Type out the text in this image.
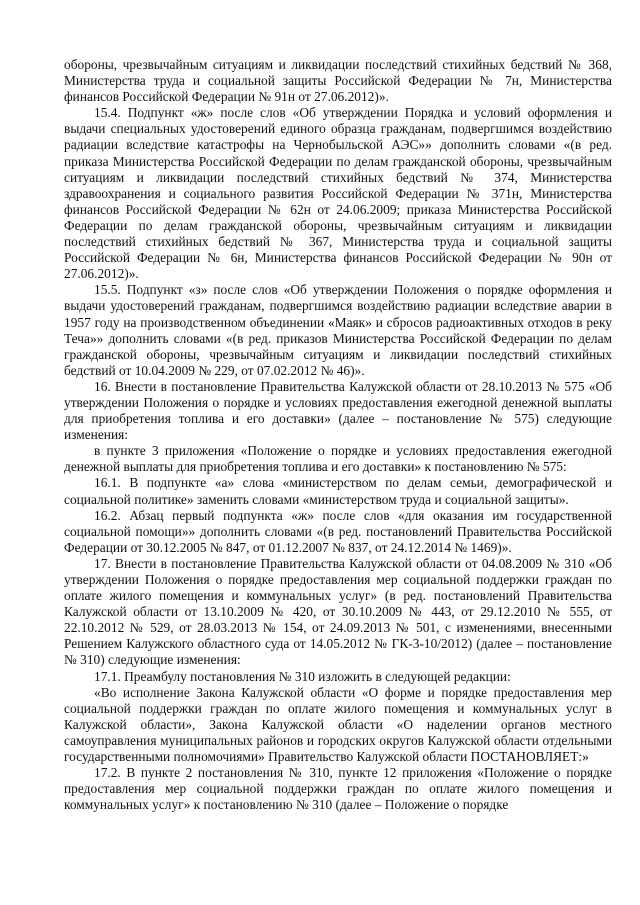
обороны, чрезвычайным ситуациям и ликвидации последствий стихийных бедствий № 368, Министерства труда и социальной защиты Российской Федерации № 7н, Министерства финансов Российской Федерации № 91н от 27.06.2012)».

15.4. Подпункт «ж» после слов «Об утверждении Порядка и условий оформления и выдачи специальных удостоверений единого образца гражданам, подвергшимся воздействию радиации вследствие катастрофы на Чернобыльской АЭС»» дополнить словами «(в ред. приказа Министерства Российской Федерации по делам гражданской обороны, чрезвычайным ситуациям и ликвидации последствий стихийных бедствий № 374, Министерства здравоохранения и социального развития Российской Федерации № 371н, Министерства финансов Российской Федерации № 62н от 24.06.2009; приказа Министерства Российской Федерации по делам гражданской обороны, чрезвычайным ситуациям и ликвидации последствий стихийных бедствий № 367, Министерства труда и социальной защиты Российской Федерации № 6н, Министерства финансов Российской Федерации № 90н от 27.06.2012)».

15.5. Подпункт «з» после слов «Об утверждении Положения о порядке оформления и выдачи удостоверений гражданам, подвергшимся воздействию радиации вследствие аварии в 1957 году на производственном объединении «Маяк» и сбросов радиоактивных отходов в реку Теча»» дополнить словами «(в ред. приказов Министерства Российской Федерации по делам гражданской обороны, чрезвычайным ситуациям и ликвидации последствий стихийных бедствий от 10.04.2009 № 229, от 07.02.2012 № 46)».

16. Внести в постановление Правительства Калужской области от 28.10.2013 № 575 «Об утверждении Положения о порядке и условиях предоставления ежегодной денежной выплаты для приобретения топлива и его доставки» (далее – постановление № 575) следующие изменения:

в пункте 3 приложения «Положение о порядке и условиях предоставления ежегодной денежной выплаты для приобретения топлива и его доставки» к постановлению № 575:

16.1. В подпункте «а» слова «министерством по делам семьи, демографической и социальной политике» заменить словами «министерством труда и социальной защиты».

16.2. Абзац первый подпункта «ж» после слов «для оказания им государственной социальной помощи»» дополнить словами «(в ред. постановлений Правительства Российской Федерации от 30.12.2005 № 847, от 01.12.2007 № 837, от 24.12.2014 № 1469)».

17. Внести в постановление Правительства Калужской области от 04.08.2009 № 310 «Об утверждении Положения о порядке предоставления мер социальной поддержки граждан по оплате жилого помещения и коммунальных услуг» (в ред. постановлений Правительства Калужской области от 13.10.2009 № 420, от 30.10.2009 № 443, от 29.12.2010 № 555, от 22.10.2012 № 529, от 28.03.2013 № 154, от 24.09.2013 № 501, с изменениями, внесенными Решением Калужского областного суда от 14.05.2012 № ГК-3-10/2012) (далее – постановление № 310) следующие изменения:

17.1. Преамбулу постановления № 310 изложить в следующей редакции:

«Во исполнение Закона Калужской области «О форме и порядке предоставления мер социальной поддержки граждан по оплате жилого помещения и коммунальных услуг в Калужской области», Закона Калужской области «О наделении органов местного самоуправления муниципальных районов и городских округов Калужской области отдельными государственными полномочиями» Правительство Калужской области ПОСТАНОВЛЯЕТ:»

17.2. В пункте 2 постановления № 310, пункте 12 приложения «Положение о порядке предоставления мер социальной поддержки граждан по оплате жилого помещения и коммунальных услуг» к постановлению № 310 (далее – Положение о порядке
